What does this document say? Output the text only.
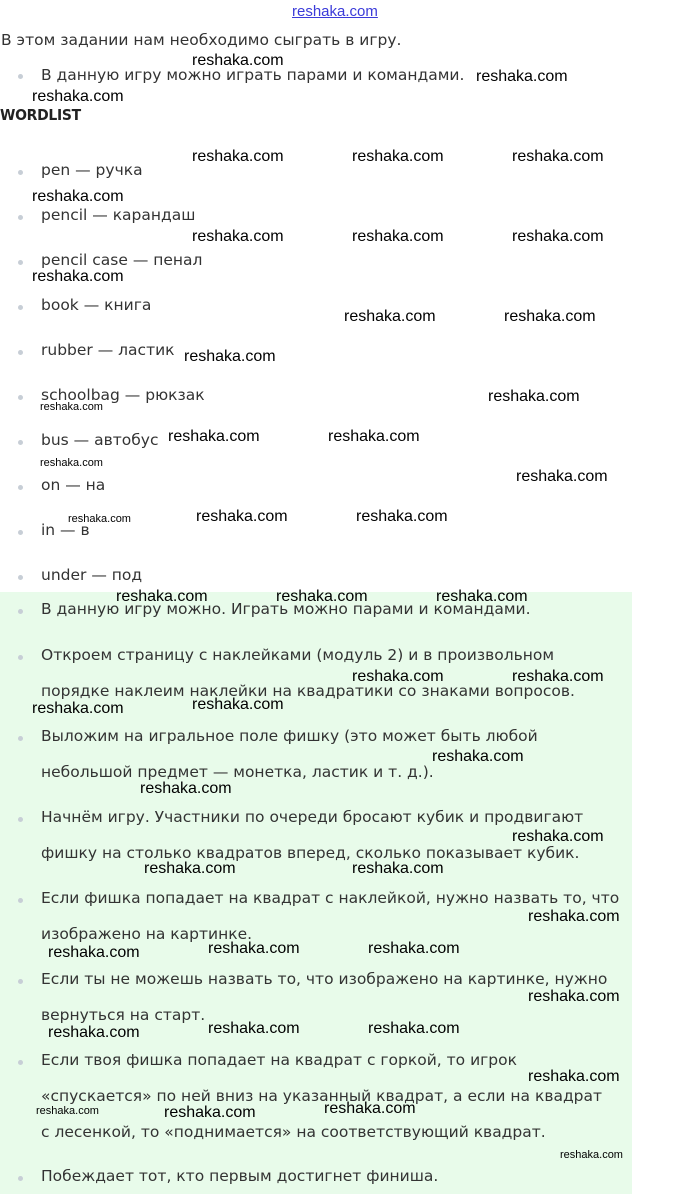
reshaka.com
В этом задании нам необходимо сыграть в игру.
В данную игру можно играть парами и командами.
WORDLIST
pen — ручка
pencil — карандаш
pencil case — пенал
book — книга
rubber — ластик
schoolbag — рюкзак
bus — автобус
on — на
in — в
under — под
В данную игру можно. Играть можно парами и командами.
Откроем страницу с наклейками (модуль 2) и в произвольном
порядке наклеим наклейки на квадратики со знаками вопросов.
Выложим на игральное поле фишку (это может быть любой
небольшой предмет — монетка, ластик и т. д.).
Начнём игру. Участники по очереди бросают кубик и продвигают
фишку на столько квадратов вперед, сколько показывает кубик.
Если фишка попадает на квадрат с наклейкой, нужно назвать то, что
изображено на картинке.
Если ты не можешь назвать то, что изображено на картинке, нужно
вернуться на старт.
Если твоя фишка попадает на квадрат с горкой, то игрок
«спускается» по ней вниз на указанный квадрат, а если на квадрат
с лесенкой, то «поднимается» на соответствующий квадрат.
Побеждает тот, кто первым достигнет финиша.
reshaka.com
reshaka.com
reshaka.com
reshaka.com	reshaka.com	reshaka.com
reshaka.com
reshaka.com	reshaka.com	reshaka.com
reshaka.com
reshaka.com	reshaka.com
reshaka.com
reshaka.com
reshaka.com
reshaka.com	reshaka.com
reshaka.com
reshaka.com
reshaka.com	reshaka.com	reshaka.com
reshaka.com	reshaka.com	reshaka.com
reshaka.com	reshaka.com
reshaka.com	reshaka.com
reshaka.com
reshaka.com
reshaka.com
reshaka.com	reshaka.com
reshaka.com
reshaka.com	reshaka.com	reshaka.com
reshaka.com
reshaka.com	reshaka.com	reshaka.com
reshaka.com
reshaka.com	reshaka.com	reshaka.com
reshaka.com
